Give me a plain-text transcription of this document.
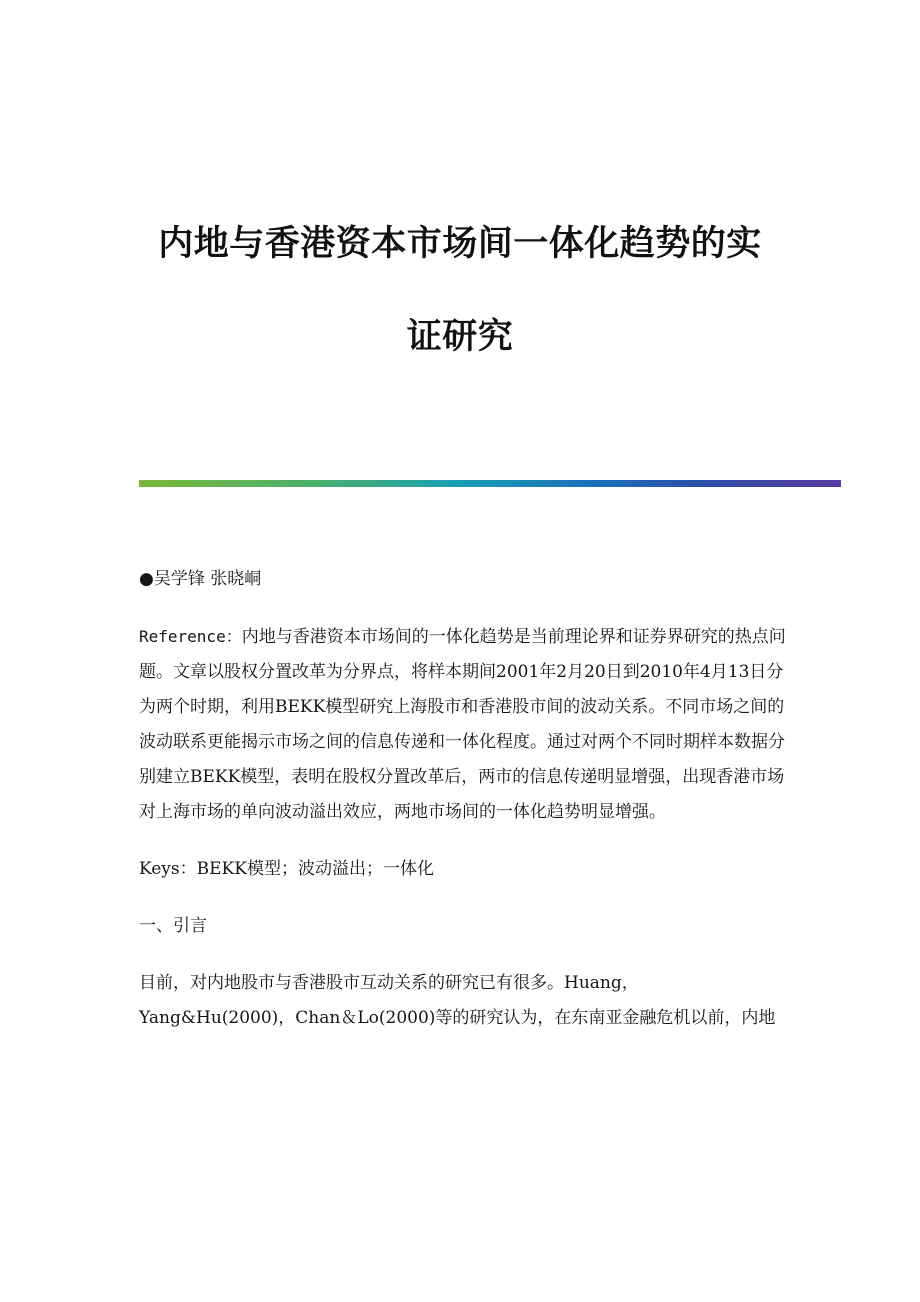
内地与香港资本市场间一体化趋势的实
证研究

●吴学锋 张晓峒

Reference：内地与香港资本市场间的一体化趋势是当前理论界和证券界研究的热点问题。文章以股权分置改革为分界点，将样本期间2001年2月20日到2010年4月13日分为两个时期，利用BEKK模型研究上海股市和香港股市间的波动关系。不同市场之间的波动联系更能揭示市场之间的信息传递和一体化程度。通过对两个不同时期样本数据分别建立BEKK模型，表明在股权分置改革后，两市的信息传递明显增强，出现香港市场对上海市场的单向波动溢出效应，两地市场间的一体化趋势明显增强。

Keys：BEKK模型；波动溢出；一体化

一、引言

目前，对内地股市与香港股市互动关系的研究已有很多。Huang，Yang&Hu(2000)，Chan＆Lo(2000)等的研究认为，在东南亚金融危机以前，内地
